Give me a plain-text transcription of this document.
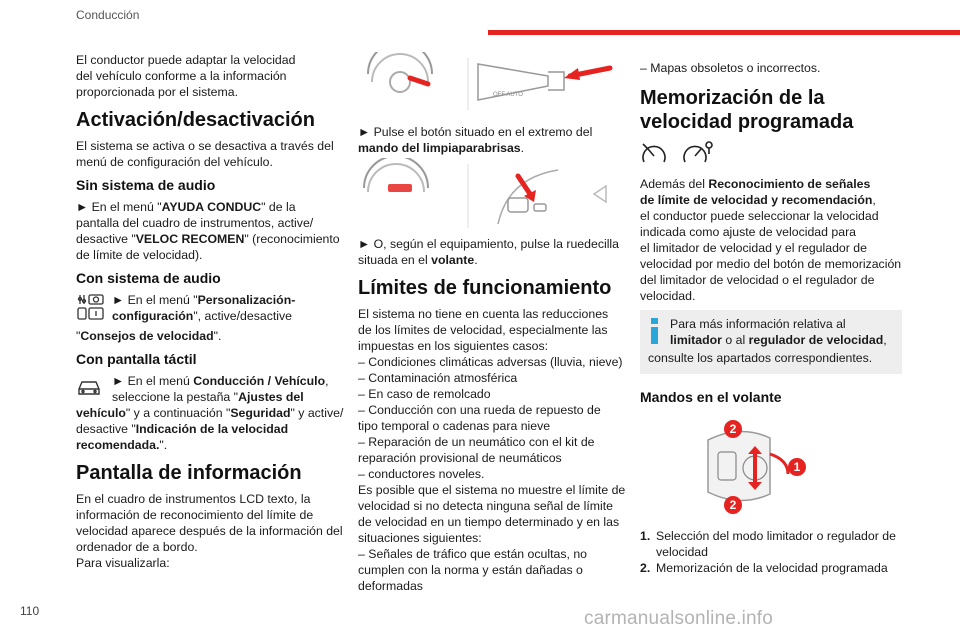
Conducción

El conductor puede adaptar la velocidad
del vehículo conforme a la información
proporcionada por el sistema.

Activación/desactivación

El sistema se activa o se desactiva a través del
menú de configuración del vehículo.

Sin sistema de audio

► En el menú "AYUDA CONDUC" de la
pantalla del cuadro de instrumentos, active/
desactive "VELOC RECOMEN" (reconocimiento
de límite de velocidad).

Con sistema de audio
► En el menú "Personalización-
configuración", active/desactive

"Consejos de velocidad".

Con pantalla táctil
► En el menú Conducción / Vehículo,
seleccione la pestaña "Ajustes del

vehículo" y a continuación "Seguridad" y active/
desactive "Indicación de la velocidad
recomendada.".

Pantalla de información

En el cuadro de instrumentos LCD texto, la
información de reconocimiento del límite de
velocidad aparece después de la información del
ordenador de a bordo.
Para visualizarla:

OFF AUTO

► Pulse el botón situado en el extremo del
mando del limpiaparabrisas.

► O, según el equipamiento, pulse la ruedecilla
situada en el volante.

Límites de funcionamiento

El sistema no tiene en cuenta las reducciones
de los límites de velocidad, especialmente las
impuestas en los siguientes casos:
– Condiciones climáticas adversas (lluvia, nieve)
– Contaminación atmosférica
– En caso de remolcado
– Conducción con una rueda de repuesto de
tipo temporal o cadenas para nieve
– Reparación de un neumático con el kit de
reparación provisional de neumáticos
– conductores noveles.
Es posible que el sistema no muestre el límite de
velocidad si no detecta ninguna señal de límite
de velocidad en un tiempo determinado y en las
situaciones siguientes:
– Señales de tráfico que están ocultas, no
cumplen con la norma y están dañadas o
deformadas

– Mapas obsoletos o incorrectos.

Memorización de la
velocidad programada

Además del Reconocimiento de señales
de límite de velocidad y recomendación,
el conductor puede seleccionar la velocidad
indicada como ajuste de velocidad para
el limitador de velocidad y el regulador de
velocidad por medio del botón de memorización
del limitador de velocidad o el regulador de
velocidad.

Para más información relativa al
limitador o al regulador de velocidad,
consulte los apartados correspondientes.
Mandos en el volante
1
2
2
1. Selección del modo limitador o regulador de
velocidad
2. Memorización de la velocidad programada
110	carmanualsonline.info
